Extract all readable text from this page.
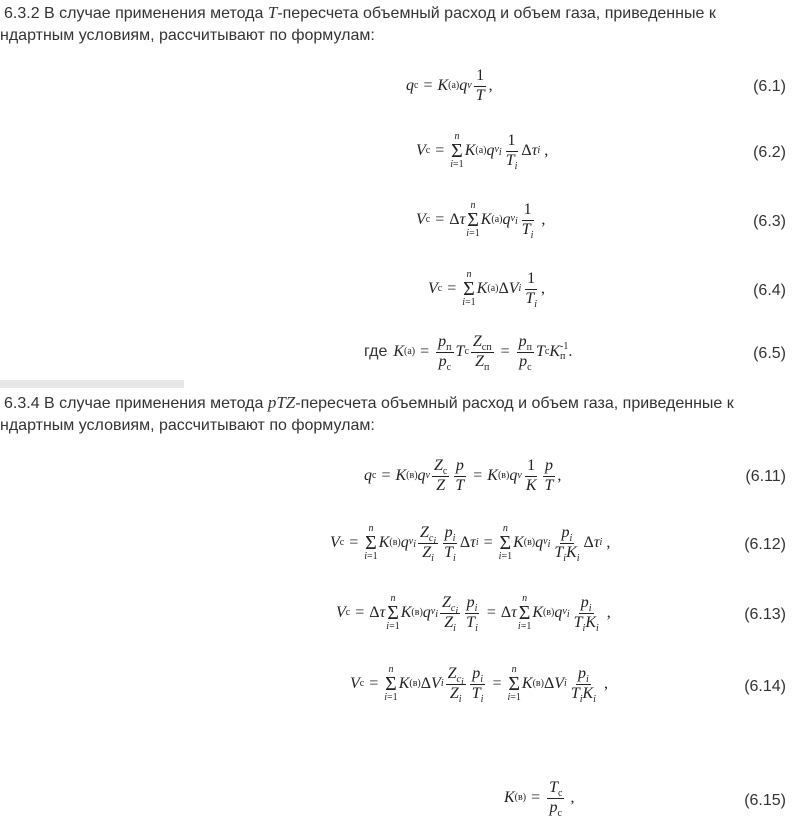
6.3.2 В случае применения метода T-пересчета объемный расход и объем газа, приведенные к
ндартным условиям, рассчитывают по формулам:
q с = K (а) q ν $\frac{1}{T}$ ,	(6.1)
V с =
n
Σ
i=1
K (а) q $\nu_i \frac{1}{T_i}$ Δ τ i ,	(6.2)
V с = Δ τ
n
Σ
i=1
K (а) q $\nu_i \frac{1}{T_i}$ ,	(6.3)
V с =
n
Σ
i=1
K (а) Δ V i $\frac{1}{T_i}$ ,	(6.4)
где K $(а) = \frac{p_п}{p_с}$ T с $\frac{Z_{сп}}{Z_п} = \frac{p_п}{p_с}$ T с K -1
п .	(6.5)
6.3.4 В случае применения метода pTZ-пересчета объемный расход и объем газа, приведенные к
ндартным условиям, рассчитывают по формулам:
q с = K (в) q ν $\frac{Z_с}{Z} \frac{p}{T} = K$ (в) q ν $\frac{1}{K} \frac{p}{T}$ ,	(6.11)
V с =
n
Σ
i=1
K (в) q $\nu_i \frac{Z_{c_i}}{Z_i} \frac{p_i}{T_i}$ Δ τ i =
n
Σ
i=1
K (в) q $\nu_i \frac{p_i}{T_iK_i}$ Δ τ i ,	(6.12)
V с = Δ τ
n
Σ
i=1
K (в) q $\nu_i \frac{Z_{c_i}}{Z_i} \frac{p_i}{T_i} = \Delta$ τ
n
Σ
i=1
K (в) q $\nu_i \frac{p_i}{T_iK_i}$ ,	(6.13)
V с =
n
Σ
i=1
K (в) Δ V i $\frac{Z_{c_i}}{Z_i} \frac{p_i}{T_i}$ =
n
Σ
i=1
K (в) Δ V i $\frac{p_i}{T_iK_i}$ ,	(6.14)
K $(в) = \frac{T_с}{p_с}$ ,	(6.15)
